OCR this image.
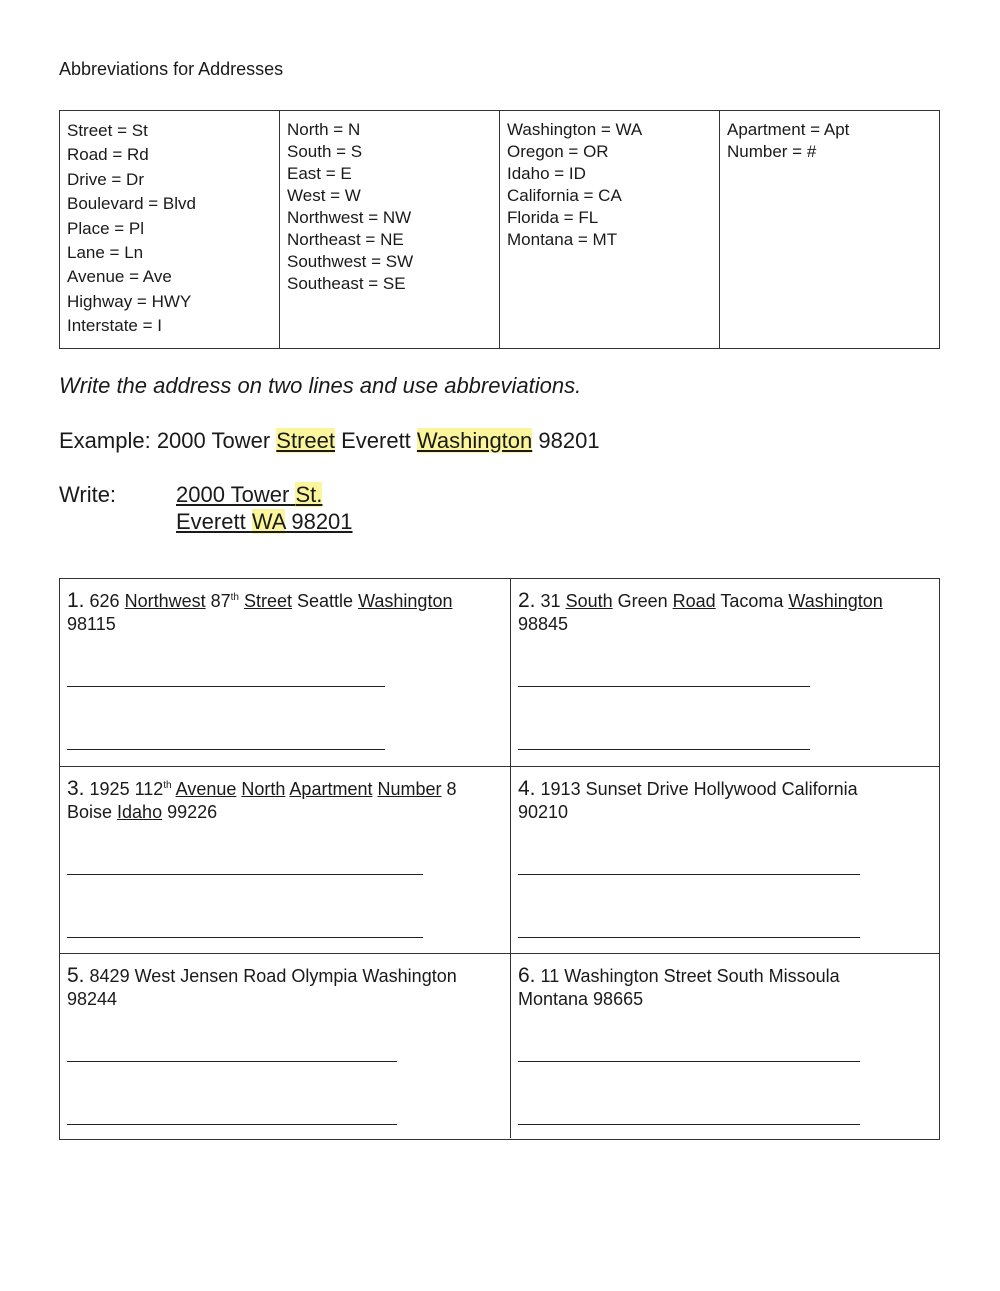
Abbreviations for Addresses
Street = St
Road = Rd
Drive = Dr
Boulevard = Blvd
Place = Pl
Lane = Ln
Avenue = Ave
Highway = HWY
Interstate = I

North = N
South = S
East = E
West = W
Northwest = NW
Northeast = NE
Southwest = SW
Southeast = SE

Washington = WA
Oregon = OR
Idaho = ID
California = CA
Florida = FL
Montana = MT

Apartment = Apt
Number = #
Write the address on two lines and use abbreviations.
Example: 2000 Tower Street Everett Washington 98201
Write:	2000 Tower St.
Everett WA 98201
1. 626 Northwest 87th Street Seattle Washington
98115
2. 31 South Green Road Tacoma Washington
98845
3. 1925 112th Avenue North Apartment Number 8
Boise Idaho 99226
4. 1913 Sunset Drive Hollywood California
90210
5. 8429 West Jensen Road Olympia Washington
98244
6. 11 Washington Street South Missoula
Montana 98665
